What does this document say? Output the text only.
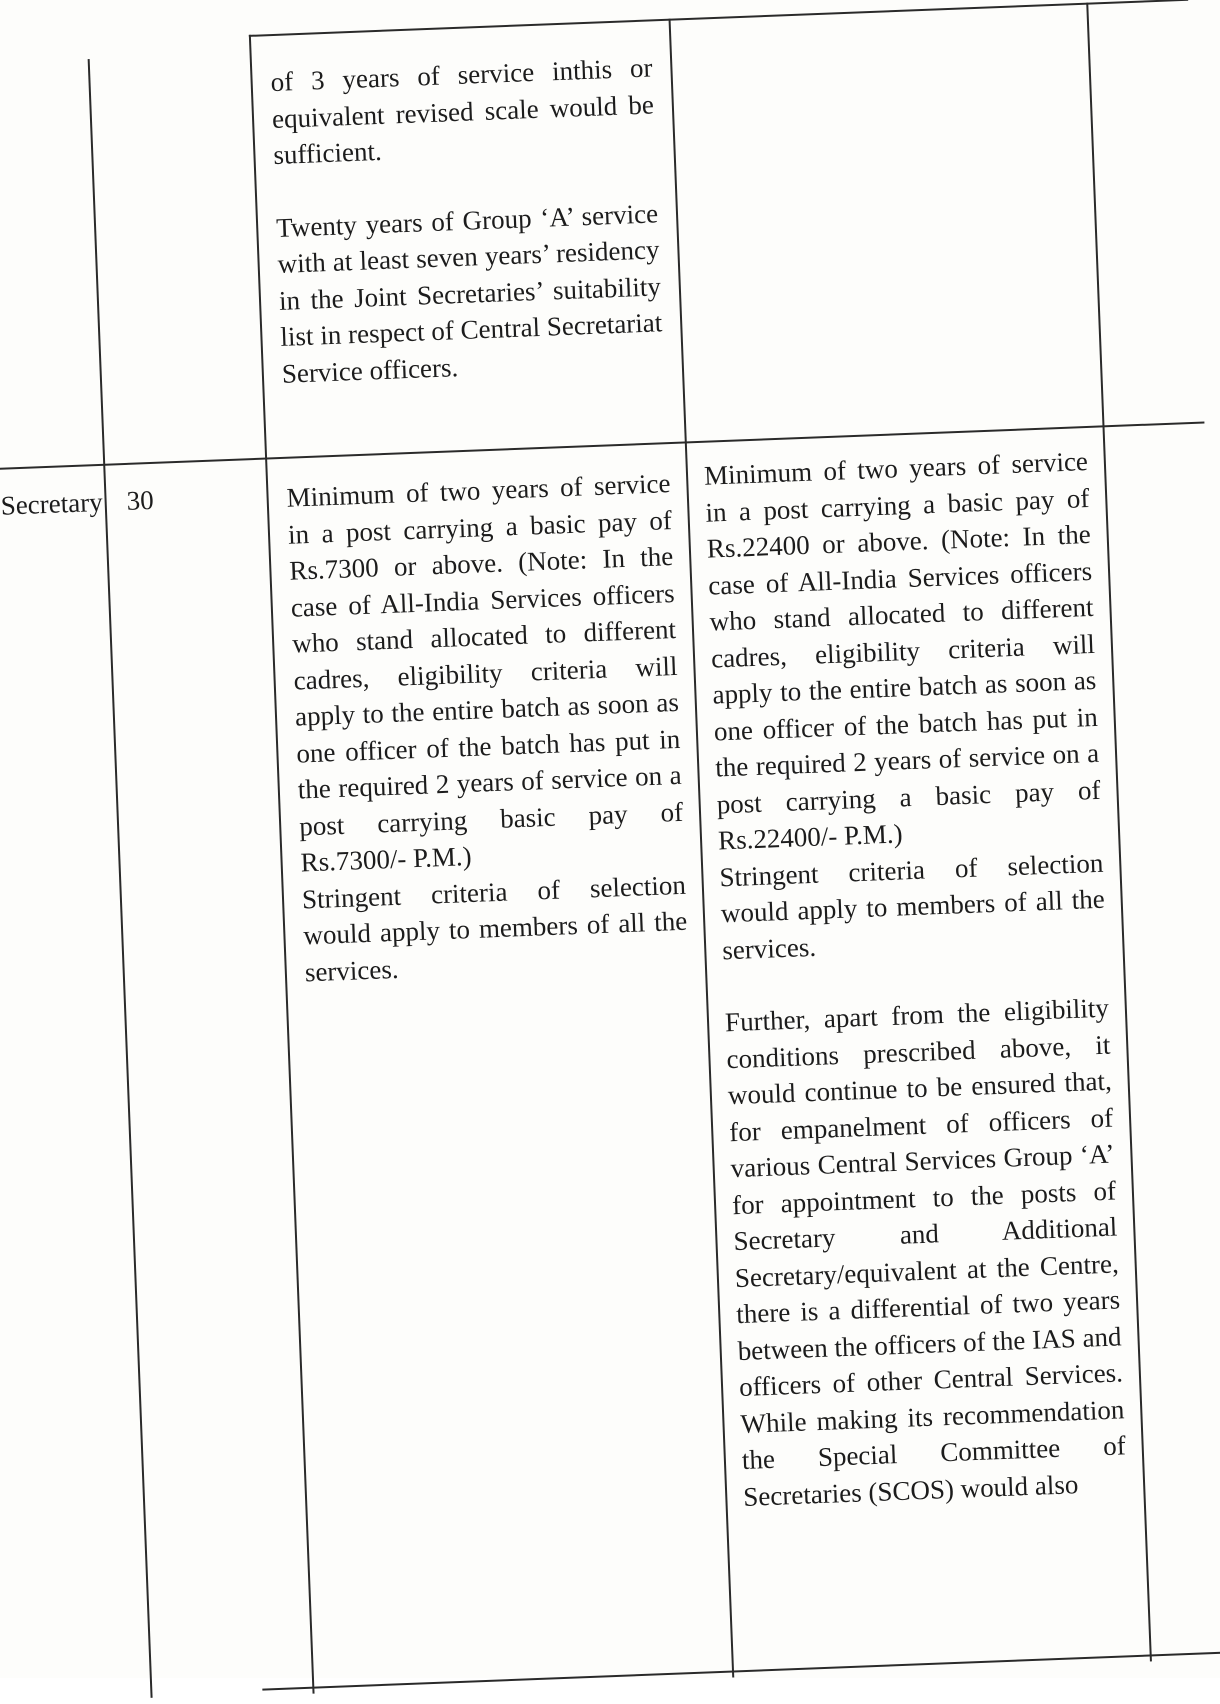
of 3 years of service inthis or equivalent revised scale would be sufficient.

Twenty years of Group ‘A’ service with at least seven years’ residency in the Joint Secretaries’ suitability list in respect of Central Secretariat Service officers.

Secretary 30	Minimum of two years of service in a post carrying a basic pay of Rs.7300 or above. (Note: In the case of All-India Services officers who stand allocated to different cadres, eligibility criteria will apply to the entire batch as soon as one officer of the batch has put in the required 2 years of service on a post carrying basic pay of Rs.7300/- P.M.)

Stringent criteria of selection would apply to members of all the services.

Minimum of two years of service in a post carrying a basic pay of Rs.22400 or above. (Note: In the case of All-India Services officers who stand allocated to different cadres, eligibility criteria will apply to the entire batch as soon as one officer of the batch has put in the required 2 years of service on a post carrying a basic pay of Rs.22400/- P.M.)

Stringent criteria of selection would apply to members of all the services.

Further, apart from the eligibility conditions prescribed above, it would continue to be ensured that, for empanelment of officers of various Central Services Group ‘A’ for appointment to the posts of Secretary and Additional Secretary/equivalent at the Centre, there is a differential of two years between the officers of the IAS and officers of other Central Services. While making its recommendation the Special Committee of Secretaries (SCOS) would also
